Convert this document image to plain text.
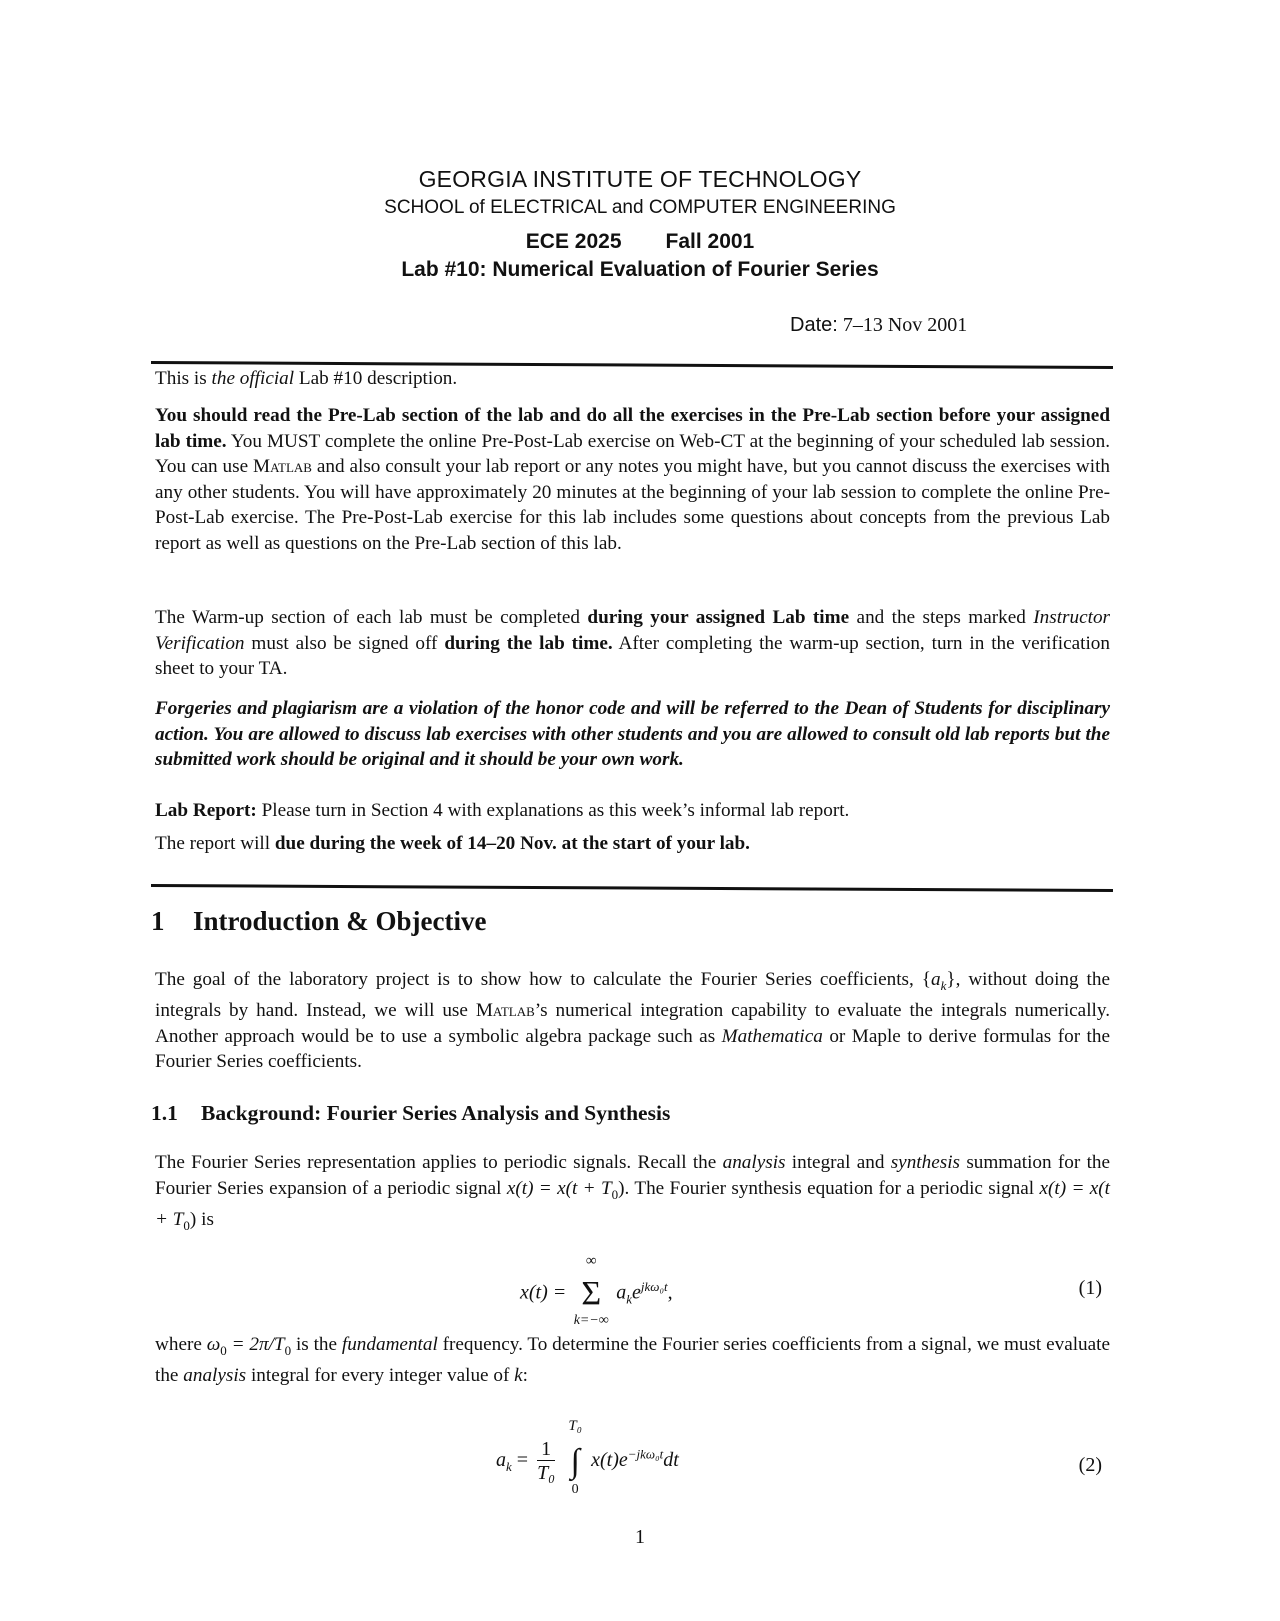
GEORGIA INSTITUTE OF TECHNOLOGY
SCHOOL of ELECTRICAL and COMPUTER ENGINEERING
ECE 2025 Fall 2001
Lab #10: Numerical Evaluation of Fourier Series
Date: 7–13 Nov 2001
This is the official Lab #10 description.
You should read the Pre-Lab section of the lab and do all the exercises in the Pre-Lab section before your assigned lab time. You MUST complete the online Pre-Post-Lab exercise on Web-CT at the beginning of your scheduled lab session. You can use Matlab and also consult your lab report or any notes you might have, but you cannot discuss the exercises with any other students. You will have approximately 20 minutes at the beginning of your lab session to complete the online Pre-Post-Lab exercise. The Pre-Post-Lab exercise for this lab includes some questions about concepts from the previous Lab report as well as questions on the Pre-Lab section of this lab.
The Warm-up section of each lab must be completed during your assigned Lab time and the steps marked Instructor Verification must also be signed off during the lab time. After completing the warm-up section, turn in the verification sheet to your TA.
Forgeries and plagiarism are a violation of the honor code and will be referred to the Dean of Students for disciplinary action. You are allowed to discuss lab exercises with other students and you are allowed to consult old lab reports but the submitted work should be original and it should be your own work.
Lab Report: Please turn in Section 4 with explanations as this week’s informal lab report.
The report will due during the week of 14–20 Nov. at the start of your lab.
1 Introduction & Objective
The goal of the laboratory project is to show how to calculate the Fourier Series coefficients, $\{a_k\}$, without doing the integrals by hand. Instead, we will use Matlab’s numerical integration capability to evaluate the integrals numerically. Another approach would be to use a symbolic algebra package such as Mathematica or Maple to derive formulas for the Fourier Series coefficients.
1.1 Background: Fourier Series Analysis and Synthesis
The Fourier Series representation applies to periodic signals. Recall the analysis integral and synthesis summation for the Fourier Series expansion of a periodic signal $x(t) = x(t + T_0)$. The Fourier synthesis equation for a periodic signal $x(t) = x(t + T_0)$ is
x(t) =
∞
Σ
k=−∞
$a_ke^{jk\omega_0t}$,	(1)
where $\omega_0 = 2\pi/T_0$ is the fundamental frequency. To determine the Fourier series coefficients from a signal, we must evaluate the analysis integral for every integer value of k:
$a_k = \frac{1}{\text{T₀}}$

T₀
∫
0
$x(t)e^{-jk\omega_0t}dt$	(2)
1
